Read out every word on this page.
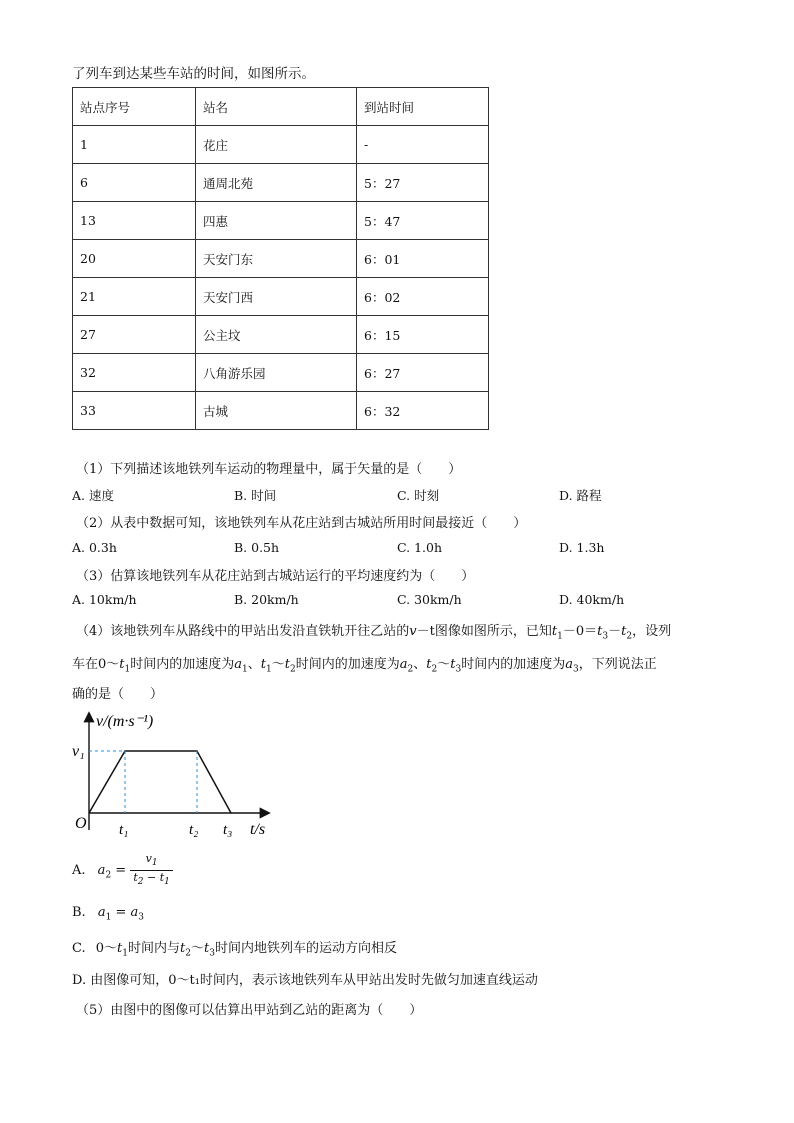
了列车到达某些车站的时间，如图所示。
站点序号	站名	到站时间
1	花庄	-
6	通周北苑	5：27
13	四惠	5：47
20	天安门东	6：01
21	天安门西	6：02
27	公主坟	6：15
32	八角游乐园	6：27
33	古城	6：32
（1）下列描述该地铁列车运动的物理量中，属于矢量的是（　　）
A. 速度	B. 时间	C. 时刻	D. 路程
（2）从表中数据可知，该地铁列车从花庄站到古城站所用时间最接近（　　）
A. 0.3h	B. 0.5h	C. 1.0h	D. 1.3h
（3）估算该地铁列车从花庄站到古城站运行的平均速度约为（　　）
A. 10km/h	B. 20km/h	C. 30km/h	D. 40km/h
（4）该地铁列车从路线中的甲站出发沿直铁轨开往乙站的v－t图像如图所示，已知$t_1-0=t_3-t_2$，设列
车在$0\sim t_1$时间内的加速度为$a_1$、$t_1\sim t_2$时间内的加速度为$a_2$、$t_2\sim t_3$时间内的加速度为$a_3$，下列说法正
确的是（　　）
v/(m·s⁻¹)
v₁
O t₁	t₂ t₃ t/s
A. $a_2 = \frac{v_1}{t_2 - t_1}$
B. $a_1 = a_3$
C. $0\sim t_1$时间内与$t_2\sim t_3$时间内地铁列车的运动方向相反
D. 由图像可知，0～t₁时间内，表示该地铁列车从甲站出发时先做匀加速直线运动
（5）由图中的图像可以估算出甲站到乙站的距离为（　　）
